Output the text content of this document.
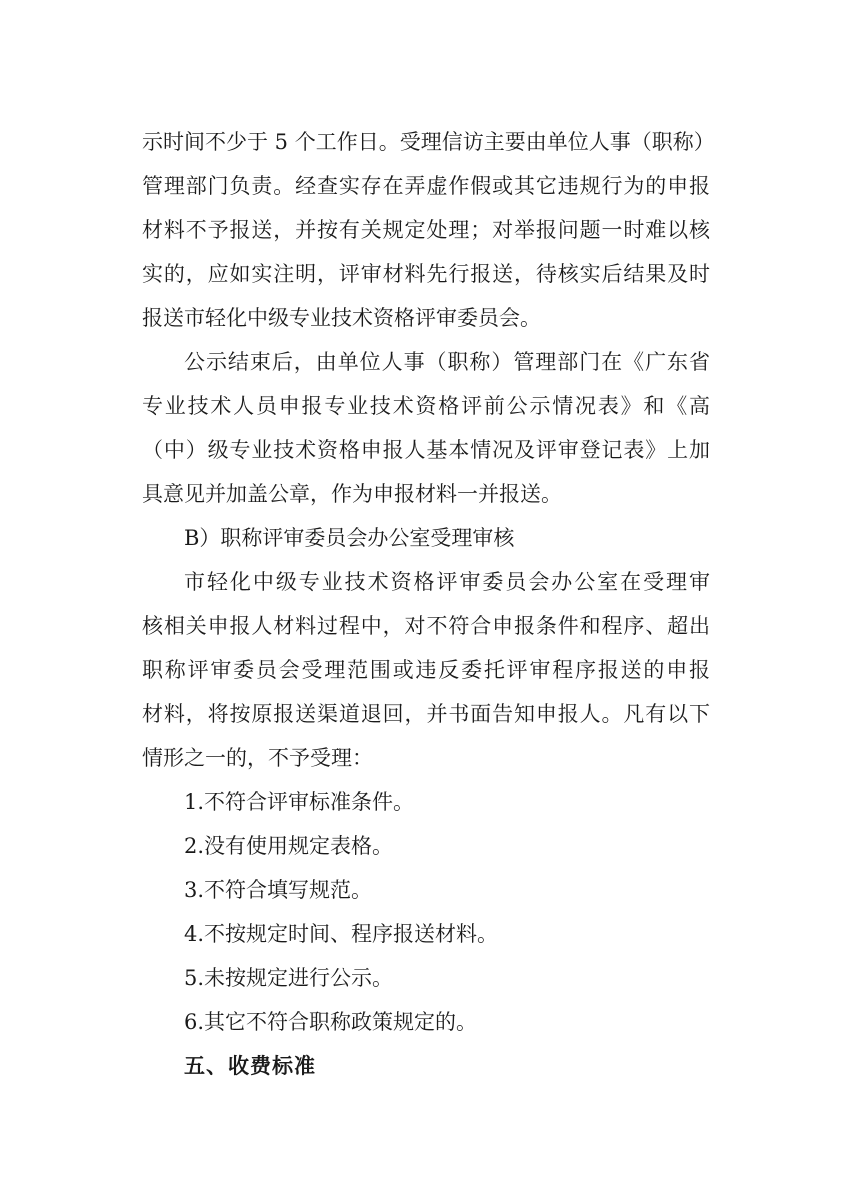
示时间不少于 5 个工作日。受理信访主要由单位人事（职称）
管理部门负责。经查实存在弄虚作假或其它违规行为的申报
材料不予报送，并按有关规定处理；对举报问题一时难以核
实的，应如实注明，评审材料先行报送，待核实后结果及时
报送市轻化中级专业技术资格评审委员会。
公示结束后，由单位人事（职称）管理部门在《广东省
专业技术人员申报专业技术资格评前公示情况表》和《高
（中）级专业技术资格申报人基本情况及评审登记表》上加
具意见并加盖公章，作为申报材料一并报送。
B）职称评审委员会办公室受理审核
市轻化中级专业技术资格评审委员会办公室在受理审
核相关申报人材料过程中，对不符合申报条件和程序、超出
职称评审委员会受理范围或违反委托评审程序报送的申报
材料，将按原报送渠道退回，并书面告知申报人。凡有以下
情形之一的，不予受理：
1.不符合评审标准条件。
2.没有使用规定表格。
3.不符合填写规范。
4.不按规定时间、程序报送材料。
5.未按规定进行公示。
6.其它不符合职称政策规定的。
五、收费标准
